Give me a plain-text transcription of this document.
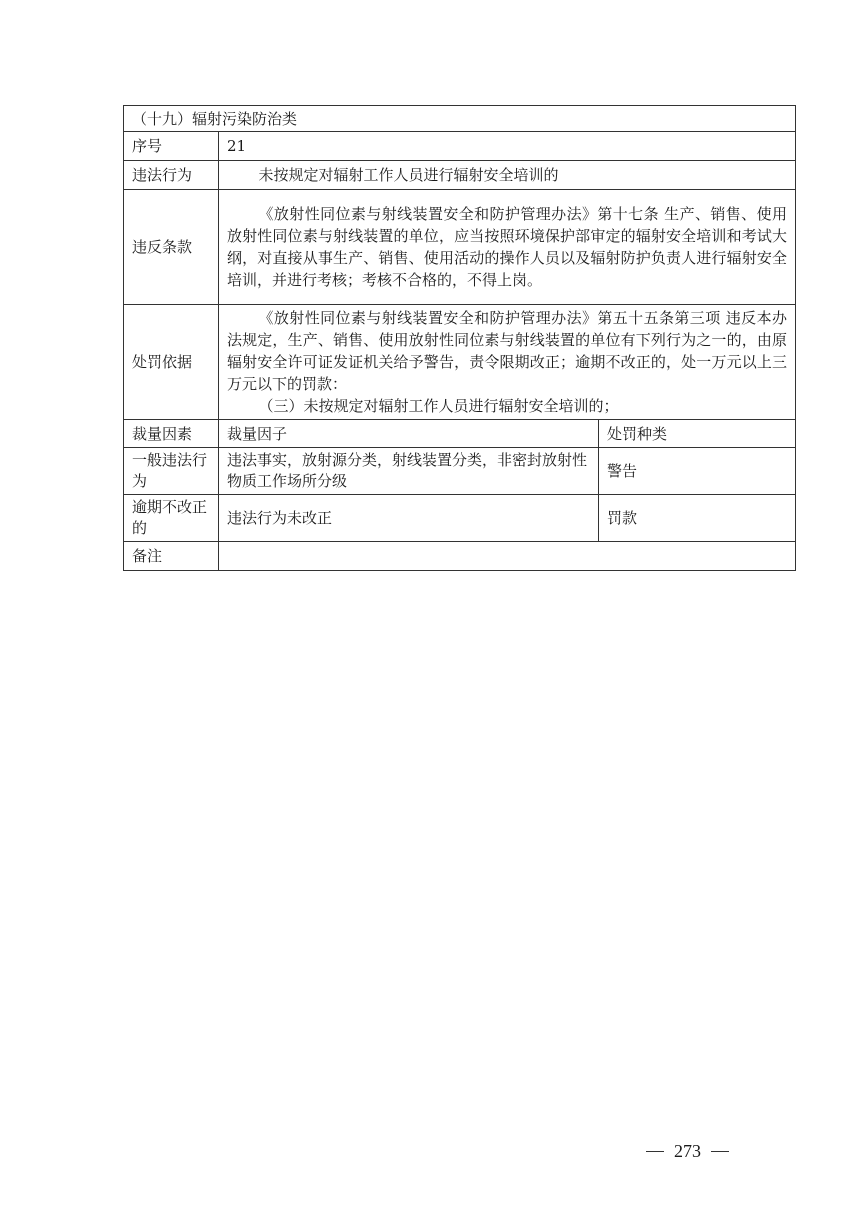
（十九）辐射污染防治类		
序号	21	
违法行为	未按规定对辐射工作人员进行辐射安全培训的	
违反条款	《放射性同位素与射线装置安全和防护管理办法》第十七条 生产、销售、使用放射性同位素与射线装置的单位，应当按照环境保护部审定的辐射安全培训和考试大纲，对直接从事生产、销售、使用活动的操作人员以及辐射防护负责人进行辐射安全培训，并进行考核；考核不合格的，不得上岗。	

处罚依据	《放射性同位素与射线装置安全和防护管理办法》第五十五条第三项 违反本办法规定，生产、销售、使用放射性同位素与射线装置的单位有下列行为之一的，由原辐射安全许可证发证机关给予警告，责令限期改正；逾期不改正的，处一万元以上三万元以下的罚款：

（三）未按规定对辐射工作人员进行辐射安全培训的；	

裁量因素	裁量因子	处罚种类
一般违法行为	违法事实，放射源分类，射线装置分类，非密封放射性物质工作场所分级	警告
逾期不改正的	违法行为未改正	罚款
备注		
273
